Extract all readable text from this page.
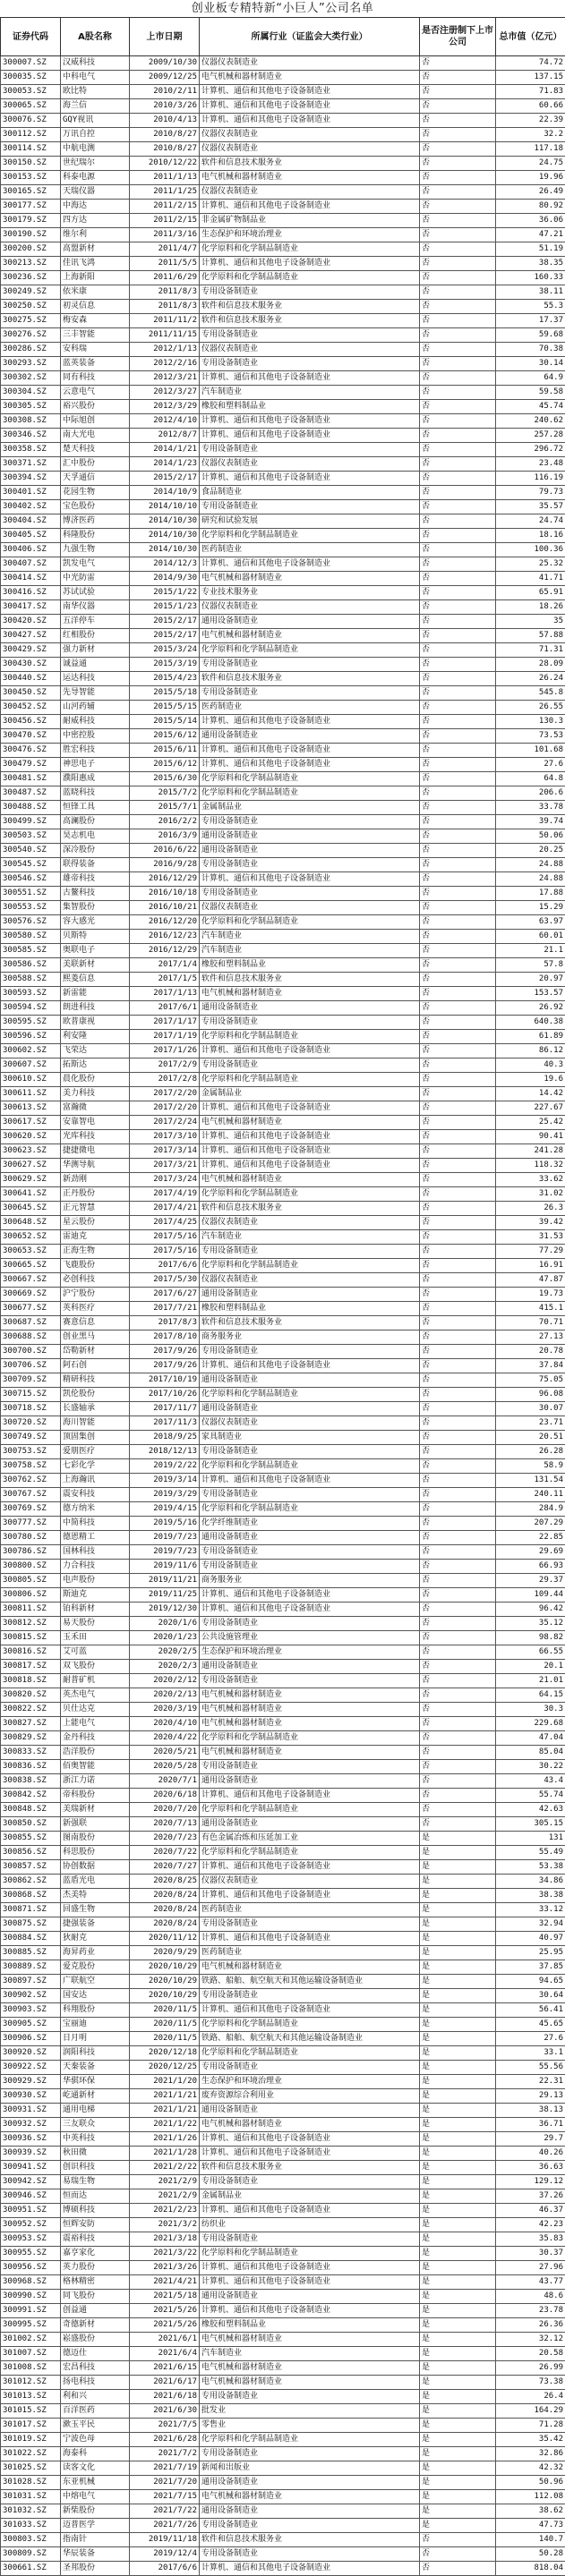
创业板专精特新“小巨人”公司名单
证券代码	A股名称	上市日期	所属行业（证监会大类行业）	是否注册制下上市公司	总市值（亿元）
300007.SZ	汉威科技	2009/10/30	仪器仪表制造业	否	74.72
300035.SZ	中科电气	2009/12/25	电气机械和器材制造业	否	137.15
300053.SZ	欧比特	2010/2/11	计算机、通信和其他电子设备制造业	否	71.83
300065.SZ	海兰信	2010/3/26	计算机、通信和其他电子设备制造业	否	60.66
300076.SZ	GQY视讯	2010/4/13	计算机、通信和其他电子设备制造业	否	22.39
300112.SZ	万讯自控	2010/8/27	仪器仪表制造业	否	32.2
300114.SZ	中航电测	2010/8/27	仪器仪表制造业	否	117.18
300150.SZ	世纪瑞尔	2010/12/22	软件和信息技术服务业	否	24.75
300153.SZ	科泰电源	2011/1/13	电气机械和器材制造业	否	19.96
300165.SZ	天瑞仪器	2011/1/25	仪器仪表制造业	否	26.49
300177.SZ	中海达	2011/2/15	计算机、通信和其他电子设备制造业	否	80.92
300179.SZ	四方达	2011/2/15	非金属矿物制品业	否	36.06
300190.SZ	维尔利	2011/3/16	生态保护和环境治理业	否	47.21
300200.SZ	高盟新材	2011/4/7	化学原料和化学制品制造业	否	51.19
300213.SZ	佳讯飞鸿	2011/5/5	计算机、通信和其他电子设备制造业	否	38.35
300236.SZ	上海新阳	2011/6/29	化学原料和化学制品制造业	否	160.33
300249.SZ	依米康	2011/8/3	专用设备制造业	否	38.11
300250.SZ	初灵信息	2011/8/3	软件和信息技术服务业	否	55.3
300275.SZ	梅安森	2011/11/2	软件和信息技术服务业	否	17.37
300276.SZ	三丰智能	2011/11/15	专用设备制造业	否	59.68
300286.SZ	安科瑞	2012/1/13	仪器仪表制造业	否	70.38
300293.SZ	蓝英装备	2012/2/16	专用设备制造业	否	30.14
300302.SZ	同有科技	2012/3/21	计算机、通信和其他电子设备制造业	否	64.9
300304.SZ	云意电气	2012/3/27	汽车制造业	否	59.58
300305.SZ	裕兴股份	2012/3/29	橡胶和塑料制品业	否	45.74
300308.SZ	中际旭创	2012/4/10	计算机、通信和其他电子设备制造业	否	240.62
300346.SZ	南大光电	2012/8/7	计算机、通信和其他电子设备制造业	否	257.28
300358.SZ	楚天科技	2014/1/21	专用设备制造业	否	296.72
300371.SZ	汇中股份	2014/1/23	仪器仪表制造业	否	23.48
300394.SZ	天孚通信	2015/2/17	计算机、通信和其他电子设备制造业	否	116.19
300401.SZ	花园生物	2014/10/9	食品制造业	否	79.73
300402.SZ	宝色股份	2014/10/10	专用设备制造业	否	35.57
300404.SZ	博济医药	2014/10/30	研究和试验发展	否	24.74
300405.SZ	科隆股份	2014/10/30	化学原料和化学制品制造业	否	18.16
300406.SZ	九强生物	2014/10/30	医药制造业	否	100.36
300407.SZ	凯发电气	2014/12/3	计算机、通信和其他电子设备制造业	否	25.32
300414.SZ	中光防雷	2014/9/30	电气机械和器材制造业	否	41.71
300416.SZ	苏试试验	2015/1/22	专业技术服务业	否	65.91
300417.SZ	南华仪器	2015/1/23	仪器仪表制造业	否	18.26
300420.SZ	五洋停车	2015/2/17	通用设备制造业	否	35
300427.SZ	红相股份	2015/2/17	电气机械和器材制造业	否	57.88
300429.SZ	强力新材	2015/3/24	化学原料和化学制品制造业	否	71.31
300430.SZ	诚益通	2015/3/19	专用设备制造业	否	28.09
300440.SZ	运达科技	2015/4/23	软件和信息技术服务业	否	26.24
300450.SZ	先导智能	2015/5/18	专用设备制造业	否	545.8
300452.SZ	山河药辅	2015/5/15	医药制造业	否	26.55
300456.SZ	耐威科技	2015/5/14	计算机、通信和其他电子设备制造业	否	130.3
300470.SZ	中密控股	2015/6/12	通用设备制造业	否	73.53
300476.SZ	胜宏科技	2015/6/11	计算机、通信和其他电子设备制造业	否	101.68
300479.SZ	神思电子	2015/6/12	计算机、通信和其他电子设备制造业	否	27.6
300481.SZ	濮阳惠成	2015/6/30	化学原料和化学制品制造业	否	64.8
300487.SZ	蓝晓科技	2015/7/2	化学原料和化学制品制造业	否	206.6
300488.SZ	恒锋工具	2015/7/1	金属制品业	否	33.78
300499.SZ	高澜股份	2016/2/2	专用设备制造业	否	39.74
300503.SZ	昊志机电	2016/3/9	通用设备制造业	否	50.06
300540.SZ	深冷股份	2016/6/22	通用设备制造业	否	20.25
300545.SZ	联得装备	2016/9/28	专用设备制造业	否	24.88
300546.SZ	雄帝科技	2016/12/29	计算机、通信和其他电子设备制造业	否	24.88
300551.SZ	古鳌科技	2016/10/18	专用设备制造业	否	17.88
300553.SZ	集智股份	2016/10/21	仪器仪表制造业	否	15.29
300576.SZ	容大感光	2016/12/20	化学原料和化学制品制造业	否	63.97
300580.SZ	贝斯特	2016/12/23	汽车制造业	否	60.01
300585.SZ	奥联电子	2016/12/29	汽车制造业	否	21.1
300586.SZ	美联新材	2017/1/4	橡胶和塑料制品业	否	57.8
300588.SZ	熙菱信息	2017/1/5	软件和信息技术服务业	否	20.97
300593.SZ	新雷能	2017/1/13	电气机械和器材制造业	否	153.57
300594.SZ	朗进科技	2017/6/1	通用设备制造业	否	26.92
300595.SZ	欧普康视	2017/1/17	专用设备制造业	否	640.38
300596.SZ	利安隆	2017/1/19	化学原料和化学制品制造业	否	61.89
300602.SZ	飞荣达	2017/1/26	计算机、通信和其他电子设备制造业	否	86.12
300607.SZ	拓斯达	2017/2/9	专用设备制造业	否	40.3
300610.SZ	晨化股份	2017/2/8	化学原料和化学制品制造业	否	19.6
300611.SZ	美力科技	2017/2/20	金属制品业	否	14.42
300613.SZ	富瀚微	2017/2/20	计算机、通信和其他电子设备制造业	否	227.67
300617.SZ	安靠智电	2017/2/24	电气机械和器材制造业	否	25.42
300620.SZ	光库科技	2017/3/10	计算机、通信和其他电子设备制造业	否	90.41
300623.SZ	捷捷微电	2017/3/14	计算机、通信和其他电子设备制造业	否	241.28
300627.SZ	华测导航	2017/3/21	计算机、通信和其他电子设备制造业	否	118.32
300629.SZ	新劲刚	2017/3/24	电气机械和器材制造业	否	33.62
300641.SZ	正丹股份	2017/4/19	化学原料和化学制品制造业	否	31.02
300645.SZ	正元智慧	2017/4/21	软件和信息技术服务业	否	26.3
300648.SZ	星云股份	2017/4/25	仪器仪表制造业	否	39.42
300652.SZ	雷迪克	2017/5/16	汽车制造业	否	31.53
300653.SZ	正海生物	2017/5/16	专用设备制造业	否	77.29
300665.SZ	飞鹿股份	2017/6/6	化学原料和化学制品制造业	否	16.91
300667.SZ	必创科技	2017/5/30	仪器仪表制造业	否	47.87
300669.SZ	沪宁股份	2017/6/27	通用设备制造业	否	19.73
300677.SZ	英科医疗	2017/7/21	橡胶和塑料制品业	否	415.1
300687.SZ	赛意信息	2017/8/3	软件和信息技术服务业	否	70.71
300688.SZ	创业黑马	2017/8/10	商务服务业	否	27.13
300700.SZ	岱勒新材	2017/9/26	专用设备制造业	否	20.78
300706.SZ	阿石创	2017/9/26	计算机、通信和其他电子设备制造业	否	37.84
300709.SZ	精研科技	2017/10/19	通用设备制造业	否	75.05
300715.SZ	凯伦股份	2017/10/26	化学原料和化学制品制造业	否	96.08
300718.SZ	长盛轴承	2017/11/7	通用设备制造业	否	30.07
300720.SZ	海川智能	2017/11/3	仪器仪表制造业	否	23.71
300749.SZ	顶固集创	2018/9/25	家具制造业	否	20.51
300753.SZ	爱朋医疗	2018/12/13	专用设备制造业	否	26.28
300758.SZ	七彩化学	2019/2/22	化学原料和化学制品制造业	否	58.9
300762.SZ	上海瀚讯	2019/3/14	计算机、通信和其他电子设备制造业	否	131.54
300767.SZ	震安科技	2019/3/29	专用设备制造业	否	240.11
300769.SZ	德方纳米	2019/4/15	化学原料和化学制品制造业	否	284.9
300777.SZ	中简科技	2019/5/16	化学纤维制造业	否	207.29
300780.SZ	德恩精工	2019/7/23	通用设备制造业	否	22.85
300786.SZ	国林科技	2019/7/23	专用设备制造业	否	29.69
300800.SZ	力合科技	2019/11/6	专用设备制造业	否	66.93
300805.SZ	电声股份	2019/11/21	商务服务业	否	29.37
300806.SZ	斯迪克	2019/11/25	计算机、通信和其他电子设备制造业	否	109.44
300811.SZ	铂科新材	2019/12/30	计算机、通信和其他电子设备制造业	否	96.42
300812.SZ	易天股份	2020/1/6	专用设备制造业	否	35.12
300815.SZ	玉禾田	2020/1/23	公共设施管理业	否	98.82
300816.SZ	艾可蓝	2020/2/5	生态保护和环境治理业	否	66.55
300817.SZ	双飞股份	2020/2/3	通用设备制造业	否	20.1
300818.SZ	耐普矿机	2020/2/12	专用设备制造业	否	21.01
300820.SZ	英杰电气	2020/2/13	电气机械和器材制造业	否	64.15
300822.SZ	贝仕达克	2020/3/19	电气机械和器材制造业	否	30.3
300827.SZ	上能电气	2020/4/10	电气机械和器材制造业	否	229.68
300829.SZ	金丹科技	2020/4/22	化学原料和化学制品制造业	否	47.04
300833.SZ	浩洋股份	2020/5/21	电气机械和器材制造业	否	85.04
300836.SZ	佰奥智能	2020/5/28	专用设备制造业	否	30.22
300838.SZ	浙江力诺	2020/7/1	通用设备制造业	否	43.4
300842.SZ	帝科股份	2020/6/18	计算机、通信和其他电子设备制造业	否	55.74
300848.SZ	美瑞新材	2020/7/20	化学原料和化学制品制造业	否	42.63
300850.SZ	新强联	2020/7/13	通用设备制造业	否	305.15
300855.SZ	图南股份	2020/7/23	有色金属冶炼和压延加工业	是	131
300856.SZ	科思股份	2020/7/22	化学原料和化学制品制造业	是	55.49
300857.SZ	协创数据	2020/7/27	计算机、通信和其他电子设备制造业	是	53.38
300862.SZ	蓝盾光电	2020/8/25	仪器仪表制造业	是	34.86
300868.SZ	杰美特	2020/8/24	计算机、通信和其他电子设备制造业	是	38.38
300871.SZ	回盛生物	2020/8/24	医药制造业	是	33.12
300875.SZ	捷强装备	2020/8/24	专用设备制造业	是	32.94
300884.SZ	狄耐克	2020/11/12	计算机、通信和其他电子设备制造业	是	40.97
300885.SZ	海昇药业	2020/9/29	医药制造业	是	25.95
300889.SZ	爱克股份	2020/10/29	电气机械和器材制造业	是	37.85
300897.SZ	广联航空	2020/10/29	铁路、船舶、航空航天和其他运输设备制造业	是	94.65
300902.SZ	国安达	2020/10/29	专用设备制造业	是	30.64
300903.SZ	科翔股份	2020/11/5	计算机、通信和其他电子设备制造业	是	56.41
300905.SZ	宝丽迪	2020/11/5	化学原料和化学制品制造业	是	45.65
300906.SZ	日月明	2020/11/5	铁路、船舶、航空航天和其他运输设备制造业	是	27.6
300920.SZ	润阳科技	2020/12/18	化学原料和化学制品制造业	是	33.1
300922.SZ	天秦装备	2020/12/25	专用设备制造业	是	55.56
300929.SZ	华骐环保	2021/1/20	生态保护和环境治理业	是	22.31
300930.SZ	屹通新材	2021/1/21	废弃资源综合利用业	是	29.13
300931.SZ	通用电梯	2021/1/21	通用设备制造业	是	38.13
300932.SZ	三友联众	2021/1/22	电气机械和器材制造业	是	36.71
300936.SZ	中英科技	2021/1/26	计算机、通信和其他电子设备制造业	是	29.7
300939.SZ	秋田微	2021/1/28	计算机、通信和其他电子设备制造业	是	40.26
300941.SZ	创识科技	2021/2/22	软件和信息技术服务业	是	36.63
300942.SZ	易瑞生物	2021/2/9	专用设备制造业	是	129.12
300946.SZ	恒而达	2021/2/9	金属制品业	是	37.26
300951.SZ	博硕科技	2021/2/23	计算机、通信和其他电子设备制造业	是	46.37
300952.SZ	恒辉安防	2021/3/2	纺织业	是	42.23
300953.SZ	震裕科技	2021/3/18	专用设备制造业	是	35.83
300955.SZ	嘉亨家化	2021/3/22	化学原料和化学制品制造业	是	30.37
300956.SZ	英力股份	2021/3/26	计算机、通信和其他电子设备制造业	是	27.96
300968.SZ	格林精密	2021/4/21	计算机、通信和其他电子设备制造业	是	43.77
300990.SZ	同飞股份	2021/5/18	通用设备制造业	是	48.6
300991.SZ	创益通	2021/5/26	计算机、通信和其他电子设备制造业	是	23.78
300995.SZ	奇德新材	2021/5/26	橡胶和塑料制品业	是	26.36
301002.SZ	崧盛股份	2021/6/1	电气机械和器材制造业	是	32.12
301007.SZ	德迈仕	2021/6/4	汽车制造业	是	20.58
301008.SZ	宏昌科技	2021/6/15	电气机械和器材制造业	是	26.99
301012.SZ	扬电科技	2021/6/17	电气机械和器材制造业	是	73.38
301013.SZ	利和兴	2021/6/18	专用设备制造业	是	26.4
301015.SZ	百洋医药	2021/6/30	批发业	是	164.29
301017.SZ	漱玉平民	2021/7/5	零售业	是	71.28
301019.SZ	宁波色母	2021/6/28	化学原料和化学制品制造业	是	35.42
301022.SZ	海泰科	2021/7/2	专用设备制造业	是	32.86
301025.SZ	读客文化	2021/7/19	新闻和出版业	是	42.32
301028.SZ	东亚机械	2021/7/20	通用设备制造业	是	50.96
301031.SZ	中熔电气	2021/7/15	电气机械和器材制造业	是	112.08
301032.SZ	新柴股份	2021/7/22	通用设备制造业	是	38.62
301033.SZ	迈普医学	2021/7/26	专用设备制造业	是	47.73
300803.SZ	指南针	2019/11/18	软件和信息技术服务业	否	140.7
300809.SZ	华辰装备	2019/12/4	专用设备制造业	否	50.28
300661.SZ	圣邦股份	2017/6/6	计算机、通信和其他电子设备制造业	否	818.04
